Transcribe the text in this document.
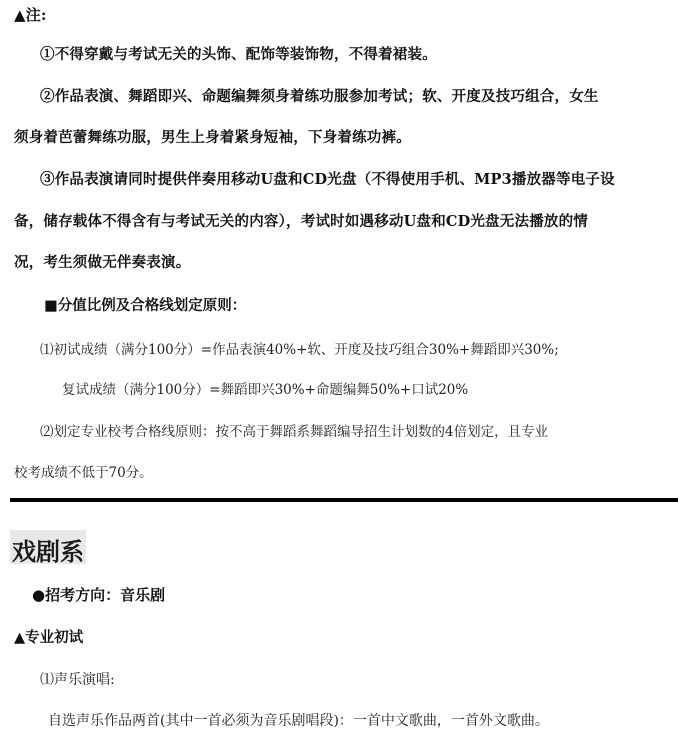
▲注:
①不得穿戴与考试无关的头饰、配饰等装饰物，不得着裙装。
②作品表演、舞蹈即兴、命题编舞须身着练功服参加考试；软、开度及技巧组合，女生
须身着芭蕾舞练功服，男生上身着紧身短袖，下身着练功裤。
③作品表演请同时提供伴奏用移动U盘和CD光盘（不得使用手机、MP3播放器等电子设
备，储存载体不得含有与考试无关的内容），考试时如遇移动U盘和CD光盘无法播放的情
况，考生须做无伴奏表演。
■分值比例及合格线划定原则：
⑴初试成绩（满分100分）=作品表演40%+软、开度及技巧组合30%+舞蹈即兴30%;
复试成绩（满分100分）=舞蹈即兴30%+命题编舞50%+口试20%
⑵划定专业校考合格线原则：按不高于舞蹈系舞蹈编导招生计划数的4倍划定，且专业
校考成绩不低于70分。
戏剧系
●招考方向：音乐剧
▲专业初试
⑴声乐演唱:
自选声乐作品两首(其中一首必须为音乐剧唱段)：一首中文歌曲，一首外文歌曲。
